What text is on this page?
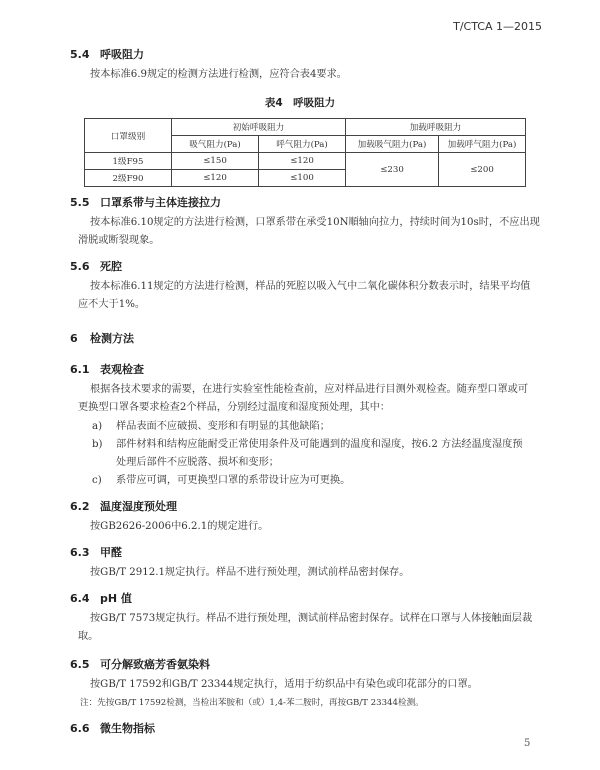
T/CTCA 1—2015
5.4 呼吸阻力
按本标准6.9规定的检测方法进行检测，应符合表4要求。
表4　呼吸阻力
口罩级别	初始呼吸阻力		加载呼吸阻力	
	吸气阻力(Pa)	呼气阻力(Pa)	加载吸气阻力(Pa)	加载呼气阻力(Pa)
1级F95	≤150	≤120	≤230	≤200
2级F90	≤120	≤100		
5.5 口罩系带与主体连接拉力
按本标准6.10规定的方法进行检测，口罩系带在承受10N順轴向拉力，持续时间为10s时，不应出现
滑脱或断裂现象。
5.6 死腔
按本标准6.11规定的方法进行检测，样品的死腔以吸入气中二氧化碳体积分数表示时，结果平均值
应不大于1%。
6 检测方法
6.1 表观检查
根据各技术要求的需要，在进行实验室性能检查前，应对样品进行目测外观检查。随弃型口罩或可
更换型口罩各要求检查2个样品，分别经过温度和湿度预处理，其中：
a) 样品表面不应破损、变形和有明显的其他缺陷；
b) 部件材料和结构应能耐受正常使用条件及可能遇到的温度和湿度，按6.2 方法经温度湿度预
处理后部件不应脱落、损坏和变形；
c) 系带应可调，可更换型口罩的系带设计应为可更换。
6.2 温度湿度预处理
按GB2626-2006中6.2.1的规定进行。
6.3 甲醛
按GB/T 2912.1规定执行。样品不进行预处理，测试前样品密封保存。
6.4 pH 值
按GB/T 7573规定执行。样品不进行预处理，测试前样品密封保存。试样在口罩与人体接触面层裁
取。
6.5 可分解致癌芳香氨染料
按GB/T 17592和GB/T 23344规定执行，适用于纺织品中有染色或印花部分的口罩。
注：先按GB/T 17592检测，当检出苯胺和（或）1,4-苯二胺时，再按GB/T 23344检测。
6.6 微生物指标
5
